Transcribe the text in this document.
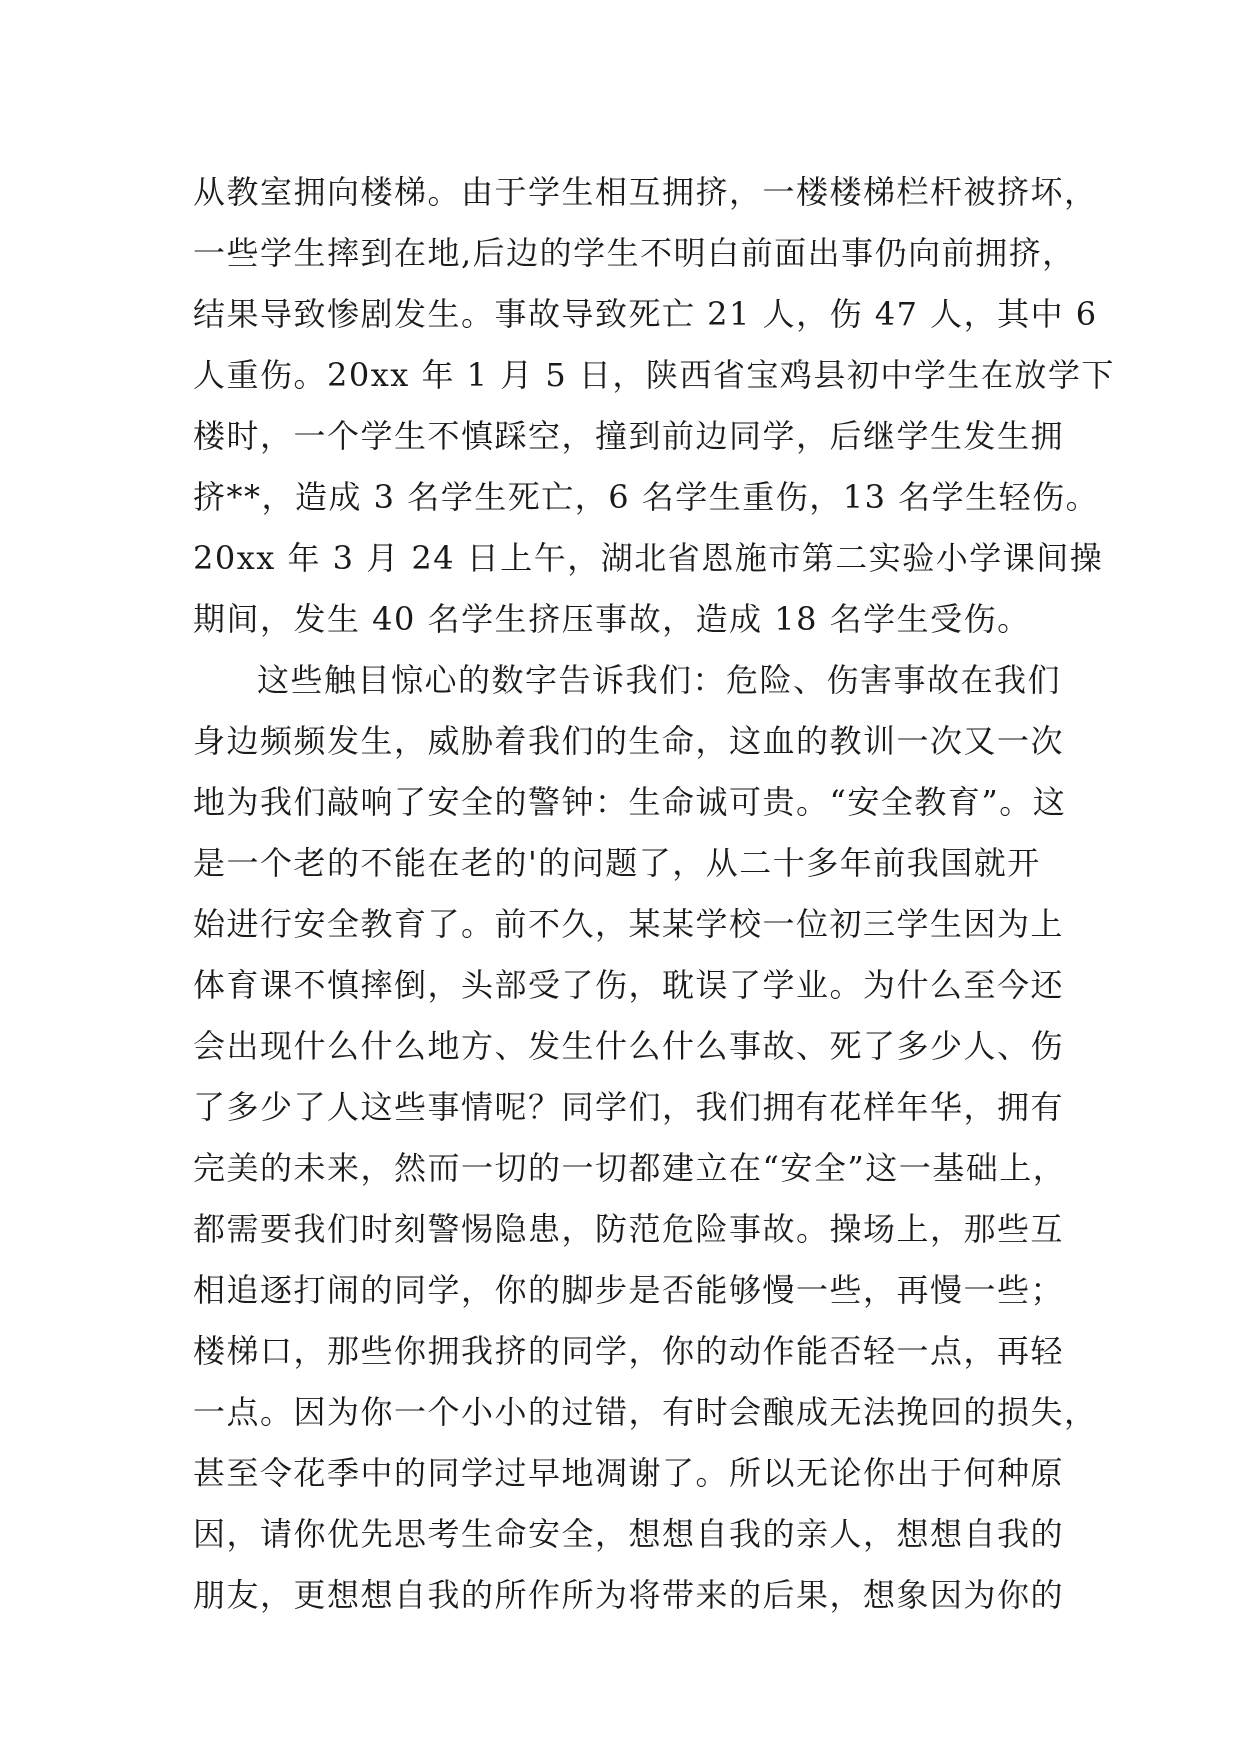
从教室拥向楼梯。由于学生相互拥挤，一楼楼梯栏杆被挤坏，
一些学生摔到在地,后边的学生不明白前面出事仍向前拥挤，
结果导致惨剧发生。事故导致死亡 21 人，伤 47 人，其中 6
人重伤。20xx 年 1 月 5 日，陕西省宝鸡县初中学生在放学下
楼时，一个学生不慎踩空，撞到前边同学，后继学生发生拥
挤**，造成 3 名学生死亡，6 名学生重伤，13 名学生轻伤。
20xx 年 3 月 24 日上午，湖北省恩施市第二实验小学课间操
期间，发生 40 名学生挤压事故，造成 18 名学生受伤。
这些触目惊心的数字告诉我们：危险、伤害事故在我们
身边频频发生，威胁着我们的生命，这血的教训一次又一次
地为我们敲响了安全的警钟：生命诚可贵。“安全教育”。这
是一个老的不能在老的'的问题了，从二十多年前我国就开
始进行安全教育了。前不久，某某学校一位初三学生因为上
体育课不慎摔倒，头部受了伤，耽误了学业。为什么至今还
会出现什么什么地方、发生什么什么事故、死了多少人、伤
了多少了人这些事情呢？同学们，我们拥有花样年华，拥有
完美的未来，然而一切的一切都建立在“安全”这一基础上，
都需要我们时刻警惕隐患，防范危险事故。操场上，那些互
相追逐打闹的同学，你的脚步是否能够慢一些，再慢一些；
楼梯口，那些你拥我挤的同学，你的动作能否轻一点，再轻
一点。因为你一个小小的过错，有时会酿成无法挽回的损失，
甚至令花季中的同学过早地凋谢了。所以无论你出于何种原
因，请你优先思考生命安全，想想自我的亲人，想想自我的
朋友，更想想自我的所作所为将带来的后果，想象因为你的
